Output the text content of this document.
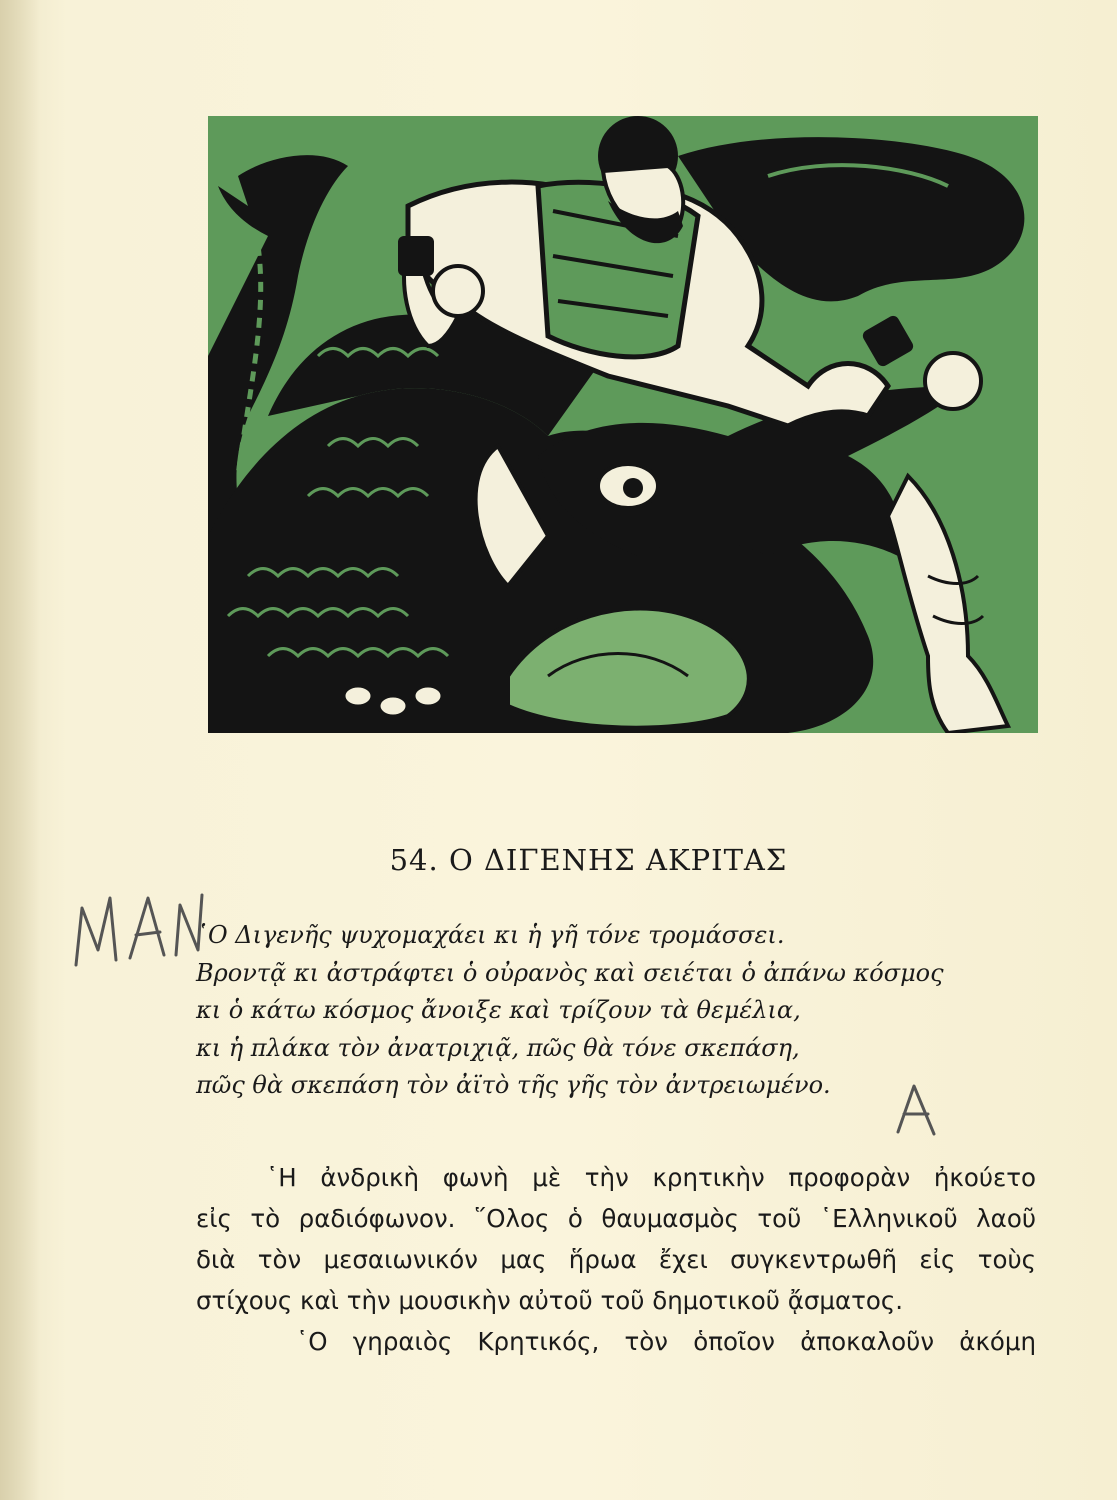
54. Ο ΔΙΓΕΝΗΣ ΑΚΡΙΤΑΣ
῾Ο Διγενῆς ψυχομαχάει κι ἡ γῆ τόνε τρομάσσει.
Βροντᾷ κι ἀστράφτει ὁ οὐρανὸς καὶ σειέται ὁ ἀπάνω κόσμος
κι ὁ κάτω κόσμος ἄνοιξε καὶ τρίζουν τὰ θεμέλια,
κι ἡ πλάκα τὸν ἀνατριχιᾷ, πῶς θὰ τόνε σκεπάση,
πῶς θὰ σκεπάση τὸν ἀϊτὸ τῆς γῆς τὸν ἀντρειωμένο.
῾Η ἀνδρικὴ φωνὴ μὲ τὴν κρητικὴν προφορὰν ἠκούετο
εἰς τὸ ραδιόφωνον. ῞Ολος ὁ θαυμασμὸς τοῦ ῾Ελληνικοῦ λαοῦ
διὰ τὸν μεσαιωνικόν μας ἥρωα ἔχει συγκεντρωθῆ εἰς τοὺς
στίχους καὶ τὴν μουσικὴν αὐτοῦ τοῦ δημοτικοῦ ᾄσματος.
῾Ο γηραιὸς Κρητικός, τὸν ὁποῖον ἀποκαλοῦν ἀκόμη
